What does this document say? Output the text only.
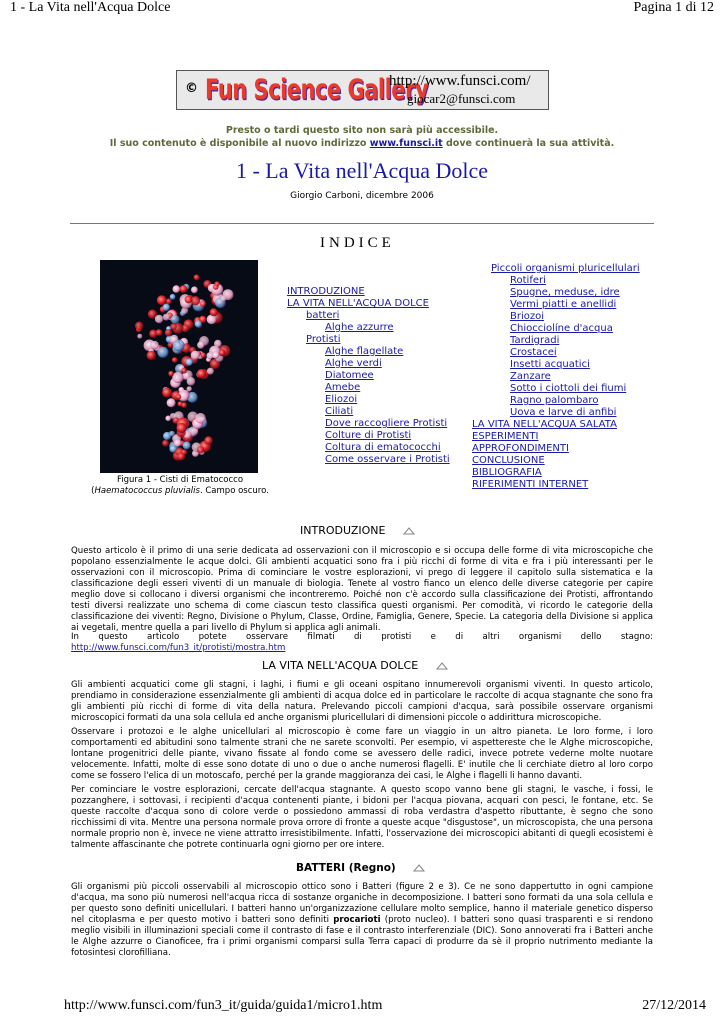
1 - La Vita nell'Acqua Dolce	Pagina 1 di 12
© Fun Science Gallery
http://www.funsci.com/
giocar2@funsci.com
Presto o tardi questo sito non sarà più accessibile.
Il suo contenuto è disponibile al nuovo indirizzo www.funsci.it dove continuerà la sua attività.
1 - La Vita nell'Acqua Dolce
Giorgio Carboni, dicembre 2006
INDICE
Figura 1 - Cisti di Ematococco
(Haematococcus pluvialis. Campo oscuro.
INTRODUZIONE
LA VITA NELL'ACQUA DOLCE
batteri
Alghe azzurre
Protisti
Alghe flagellate
Alghe verdi
Diatomee
Amebe
Eliozoi
Ciliati
Dove raccogliere Protisti
Colture di Protisti
Coltura di ematococchi
Come osservare i Protisti
Piccoli organismi pluricellulari
Rotiferi
Spugne, meduse, idre
Vermi piatti e anellidi
Briozoi
Chiocciolíne d'acqua
Tardigradi
Crostacei
Insetti acquatici
Zanzare
Sotto i ciottoli dei fiumi
Ragno palombaro
Uova e larve di anfibi
LA VITA NELL'ACQUA SALATA
ESPERIMENTI
APPROFONDIMENTI
CONCLUSIONE
BIBLIOGRAFIA
RIFERIMENTI INTERNET
INTRODUZIONE
Questo articolo è il primo di una serie dedicata ad osservazioni con il microscopio e si occupa delle forme di vita microscopiche che popolano essenzialmente le acque dolci. Gli ambienti acquatici sono fra i più ricchi di forme di vita e fra i più interessanti per le osservazioni con il microscopio. Prima di cominciare le vostre esplorazioni, vi prego di leggere il capitolo sulla sistematica e la classificazione degli esseri viventi di un manuale di biologia. Tenete al vostro fianco un elenco delle diverse categorie per capire meglio dove si collocano i diversi organismi che incontreremo. Poiché non c'è accordo sulla classificazione dei Protisti, affrontando testi diversi realizzate uno schema di come ciascun testo classifica questi organismi. Per comodità, vi ricordo le categorie della classificazione dei viventi: Regno, Divisione o Phylum, Classe, Ordine, Famiglia, Genere, Specie. La categoria della Divisione si applica ai vegetali, mentre quella a pari livello di Phylum si applica agli animali.
In questo articolo potete osservare filmati di protisti e di altri organismi dello stagno: http://www.funsci.com/fun3_it/protisti/mostra.htm
LA VITA NELL'ACQUA DOLCE
Gli ambienti acquatici come gli stagni, i laghi, i fiumi e gli oceani ospitano innumerevoli organismi viventi. In questo articolo, prendiamo in considerazione essenzialmente gli ambienti di acqua dolce ed in particolare le raccolte di acqua stagnante che sono fra gli ambienti più ricchi di forme di vita della natura. Prelevando piccoli campioni d'acqua, sarà possibile osservare organismi microscopici formati da una sola cellula ed anche organismi pluricellulari di dimensioni piccole o addirittura microscopiche.
Osservare i protozoi e le alghe unicellulari al microscopio è come fare un viaggio in un altro pianeta. Le loro forme, i loro comportamenti ed abitudini sono talmente strani che ne sarete sconvolti. Per esempio, vi aspettereste che le Alghe microscopiche, lontane progenitrici delle piante, vivano fissate al fondo come se avessero delle radici, invece potrete vederne molte nuotare velocemente. Infatti, molte di esse sono dotate di uno o due o anche numerosi flagelli. E' inutile che li cerchiate dietro al loro corpo come se fossero l'elica di un motoscafo, perché per la grande maggioranza dei casi, le Alghe i flagelli li hanno davanti.
Per cominciare le vostre esplorazioni, cercate dell'acqua stagnante. A questo scopo vanno bene gli stagni, le vasche, i fossi, le pozzanghere, i sottovasi, i recipienti d'acqua contenenti piante, i bidoni per l'acqua piovana, acquari con pesci, le fontane, etc. Se queste raccolte d'acqua sono di colore verde o possiedono ammassi di roba verdastra d'aspetto ributtante, è segno che sono ricchissimi di vita. Mentre una persona normale prova orrore di fronte a queste acque "disgustose", un microscopista, che una persona normale proprio non è, invece ne viene attratto irresistibilmente. Infatti, l'osservazione dei microscopici abitanti di quegli ecosistemi è talmente affascinante che potrete continuarla ogni giorno per ore intere.
BATTERI (Regno)
Gli organismi più piccoli osservabili al microscopio ottico sono i Batteri (figure 2 e 3). Ce ne sono dappertutto in ogni campione d'acqua, ma sono più numerosi nell'acqua ricca di sostanze organiche in decomposizione. I batteri sono formati da una sola cellula e per questo sono definiti unicellulari. I batteri hanno un'organizzazione cellulare molto semplice, hanno il materiale genetico disperso nel citoplasma e per questo motivo i batteri sono definiti procarioti (proto nucleo). I batteri sono quasi trasparenti e si rendono meglio visibili in illuminazioni speciali come il contrasto di fase e il contrasto interferenziale (DIC). Sono annoverati fra i Batteri anche le Alghe azzurre o Cianoficee, fra i primi organismi comparsi sulla Terra capaci di produrre da sè il proprio nutrimento mediante la fotosintesi clorofilliana.
http://www.funsci.com/fun3_it/guida/guida1/micro1.htm	27/12/2014
